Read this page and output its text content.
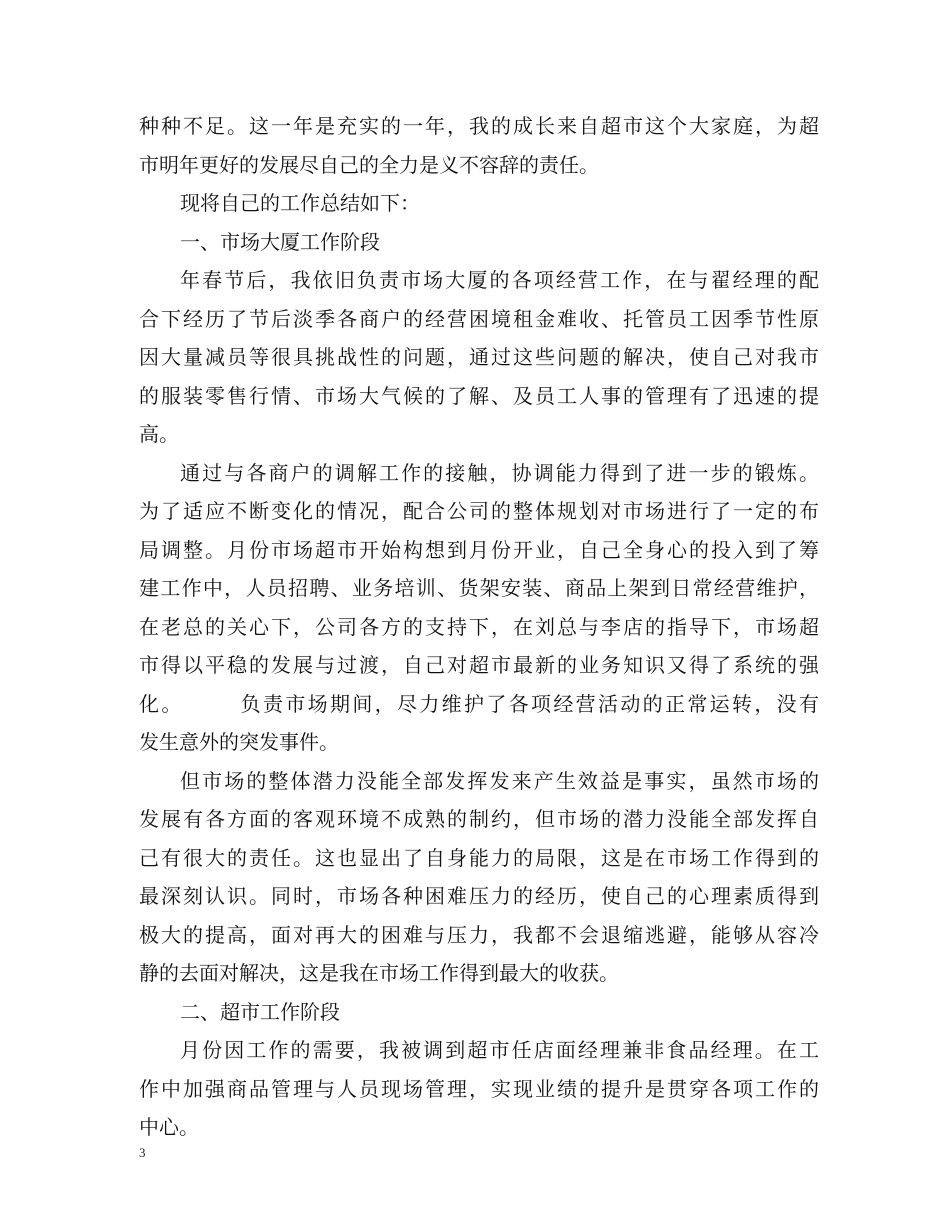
种种不足。这一年是充实的一年，我的成长来自超市这个大家庭，为超
市明年更好的发展尽自己的全力是义不容辞的责任。
现将自己的工作总结如下：
一、市场大厦工作阶段
年春节后，我依旧负责市场大厦的各项经营工作，在与翟经理的配
合下经历了节后淡季各商户的经营困境租金难收、托管员工因季节性原
因大量减员等很具挑战性的问题，通过这些问题的解决，使自己对我市
的服装零售行情、市场大气候的了解、及员工人事的管理有了迅速的提
高。
通过与各商户的调解工作的接触，协调能力得到了进一步的锻炼。
为了适应不断变化的情况，配合公司的整体规划对市场进行了一定的布
局调整。月份市场超市开始构想到月份开业，自己全身心的投入到了筹
建工作中，人员招聘、业务培训、货架安装、商品上架到日常经营维护，
在老总的关心下，公司各方的支持下，在刘总与李店的指导下，市场超
市得以平稳的发展与过渡，自己对超市最新的业务知识又得了系统的强
化。　　　负责市场期间，尽力维护了各项经营活动的正常运转，没有
发生意外的突发事件。
但市场的整体潜力没能全部发挥发来产生效益是事实，虽然市场的
发展有各方面的客观环境不成熟的制约，但市场的潜力没能全部发挥自
己有很大的责任。这也显出了自身能力的局限，这是在市场工作得到的
最深刻认识。同时，市场各种困难压力的经历，使自己的心理素质得到
极大的提高，面对再大的困难与压力，我都不会退缩逃避，能够从容冷
静的去面对解决，这是我在市场工作得到最大的收获。
二、超市工作阶段
月份因工作的需要，我被调到超市任店面经理兼非食品经理。在工
作中加强商品管理与人员现场管理，实现业绩的提升是贯穿各项工作的
中心。
3
